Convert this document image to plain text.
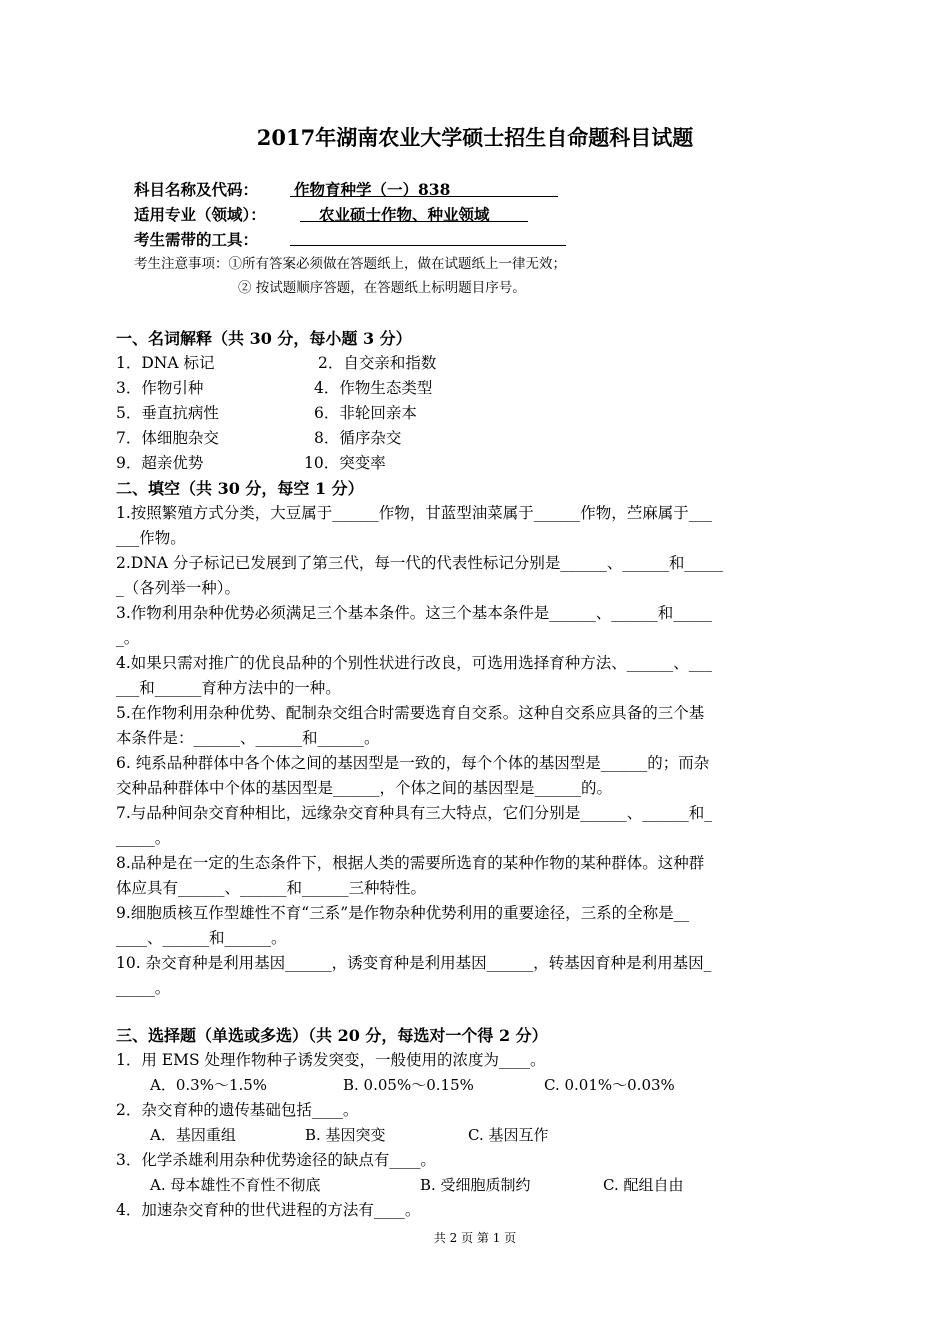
2017年湖南农业大学硕士招生自命题科目试题
科目名称及代码： 作物育种学（一）838
适用专业（领域）：	农业硕士作物、种业领域
考生需带的工具：
考生注意事项：①所有答案必须做在答题纸上，做在试题纸上一律无效；
② 按试题顺序答题，在答题纸上标明题目序号。
一、名词解释（共 30 分，每小题 3 分）
1．DNA 标记	2．自交亲和指数
3．作物引种	4．作物生态类型
5．垂直抗病性	6．非轮回亲本
7．体细胞杂交	8．循序杂交
9．超亲优势	10．突变率
二、填空（共 30 分，每空 1 分）
1.按照繁殖方式分类，大豆属于______作物，甘蓝型油菜属于______作物，苎麻属于___
___作物。
2.DNA 分子标记已发展到了第三代，每一代的代表性标记分别是______、______和_____
_（各列举一种）。
3.作物利用杂种优势必须满足三个基本条件。这三个基本条件是______、______和_____
_。
4.如果只需对推广的优良品种的个别性状进行改良，可选用选择育种方法、______、___
___和______育种方法中的一种。
5.在作物利用杂种优势、配制杂交组合时需要选育自交系。这种自交系应具备的三个基
本条件是：______、______和______。
6. 纯系品种群体中各个体之间的基因型是一致的，每个个体的基因型是______的；而杂
交种品种群体中个体的基因型是______，个体之间的基因型是______的。
7.与品种间杂交育种相比，远缘杂交育种具有三大特点，它们分别是______、______和_
_____。
8.品种是在一定的生态条件下，根据人类的需要所选育的某种作物的某种群体。这种群
体应具有______、______和______三种特性。
9.细胞质核互作型雄性不育“三系”是作物杂种优势利用的重要途径，三系的全称是__
____、______和______。
10. 杂交育种是利用基因______，诱变育种是利用基因______，转基因育种是利用基因_
_____。
三、选择题（单选或多选）（共 20 分，每选对一个得 2 分）
1．用 EMS 处理作物种子诱发突变，一般使用的浓度为____。
A．0.3%～1.5%	B. 0.05%～0.15%	C. 0.01%～0.03%
2．杂交育种的遗传基础包括____。
A．基因重组	B. 基因突变	C. 基因互作
3．化学杀雄利用杂种优势途径的缺点有____。
A. 母本雄性不育性不彻底	B. 受细胞质制约	C. 配组自由
4．加速杂交育种的世代进程的方法有____。
共 2 页 第 1 页
